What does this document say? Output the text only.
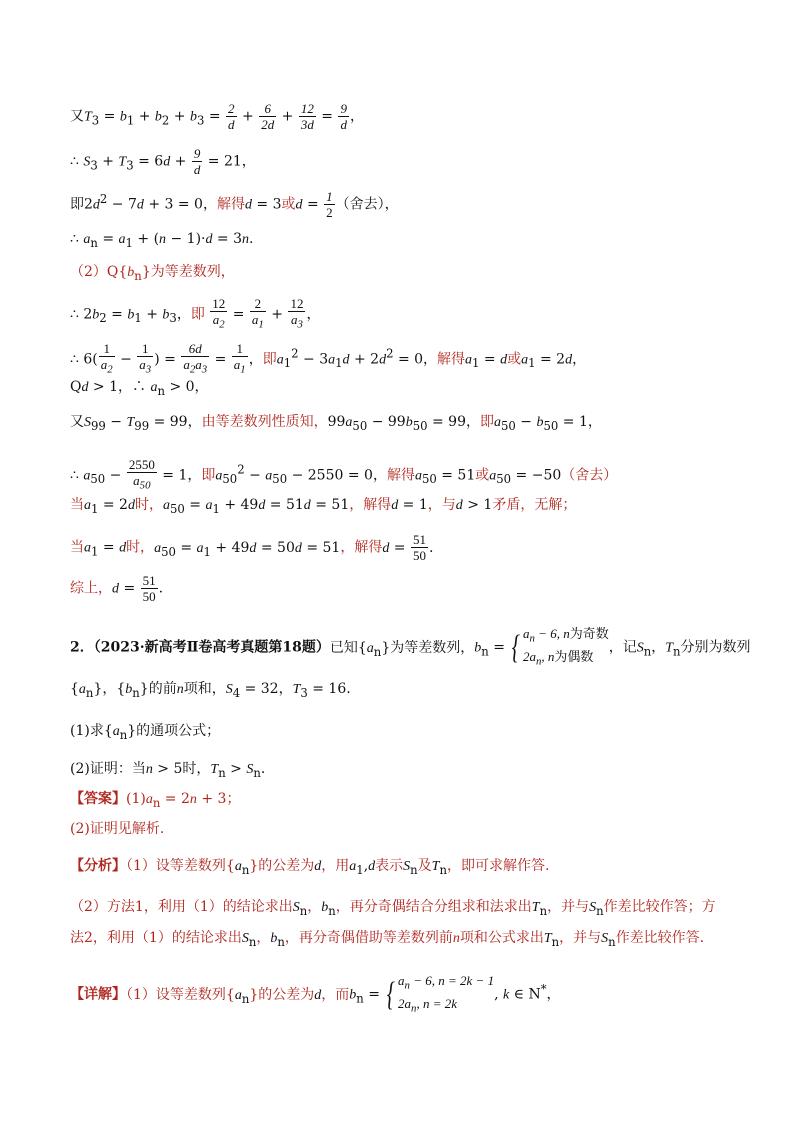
又$T_3 = b_1 + b_2 + b_3 = \frac{2}{d} + \frac{6}{2d} + \frac{12}{3d} = \frac{9}{d}$ ，
∴ $S_3 + T_3 = 6d + \frac{9}{d} = 21$，
即$2d^2 - 7d + 3 = 0$，解得d = 3或$d = \frac{1}{2}$ （舍去），
∴ $a_n = a_1 + (n - 1)\cdot d = 3n$.
$(2)Q\{b_n\}$为等差数列，
∴ $2b_2 = b_1 + b_3$，即 $\frac{12}{a_2} = \frac{2}{a_1} + \frac{12}{a_3}$ ，
∴ $6( \frac{1}{a_2} - \frac{1}{a_3}$ ) = $\frac{6d}{a_2a_3} = \frac{1}{a_1}$ ，即$a_1^2 - 3a_1d + 2d^2 = 0$，解得$a_1 = d$或$a_1 = 2d$，
Qd > 1，∴ $a_n > 0$，
又$S_{99} - T_{99} = 99$，由等差数列性质知，$99a_{50} - 99b_{50} = 99$，即$a_{50} - b_{50} = 1$，
∴ $a_{50} - \frac{2550}{a_{50}} = 1$，即$a_{50}^2 - a_{50} - 2550 = 0$，解得$a_{50} = 51$或$a_{50} = -50$（舍去）
当$a_1 = 2d$时，$a_{50} = a_1 + 49d = 51d = 51$，解得d = 1，与d > 1矛盾，无解；
当$a_1 = d$时，$a_{50} = a_1 + 49d = 50d = 51$，解得$d = \frac{51}{50}$ .
综上，$d = \frac{51}{50}$ .
2．（2023·新高考Ⅱ卷高考真题第18题）已知$\{a_n\}$为等差数列，$b_n$ = { $a_n - 6$, n为奇数
$2a_n$, n为偶数
，记$S_n$，$T_n$分别为数列
$\{a_n\}$，$\{b_n\}$的前n项和，$S_4 = 32$，$T_3 = 16$.
(1)求$\{a_n\}$的通项公式；
(2)证明：当n > 5时，$T_n > S_n$.
【答案】$(1)a_n = 2n + 3$；
(2)证明见解析.
【分析】（1）设等差数列$\{a_n\}$的公差为d，用$a_1,d$表示$S_n$及$T_n$，即可求解作答.
（2）方法1，利用（1）的结论求出$S_n$，$b_n$，再分奇偶结合分组求和法求出$T_n$，并与$S_n$作差比较作答；方
法2，利用（1）的结论求出$S_n$，$b_n$，再分奇偶借助等差数列前n项和公式求出$T_n$，并与$S_n$作差比较作答.
【详解】（1）设等差数列$\{a_n\}$的公差为d，而$b_n$ = { $a_n - 6$, n = 2k − 1
$2a_n$, n = 2k
, k ∈ N*，
